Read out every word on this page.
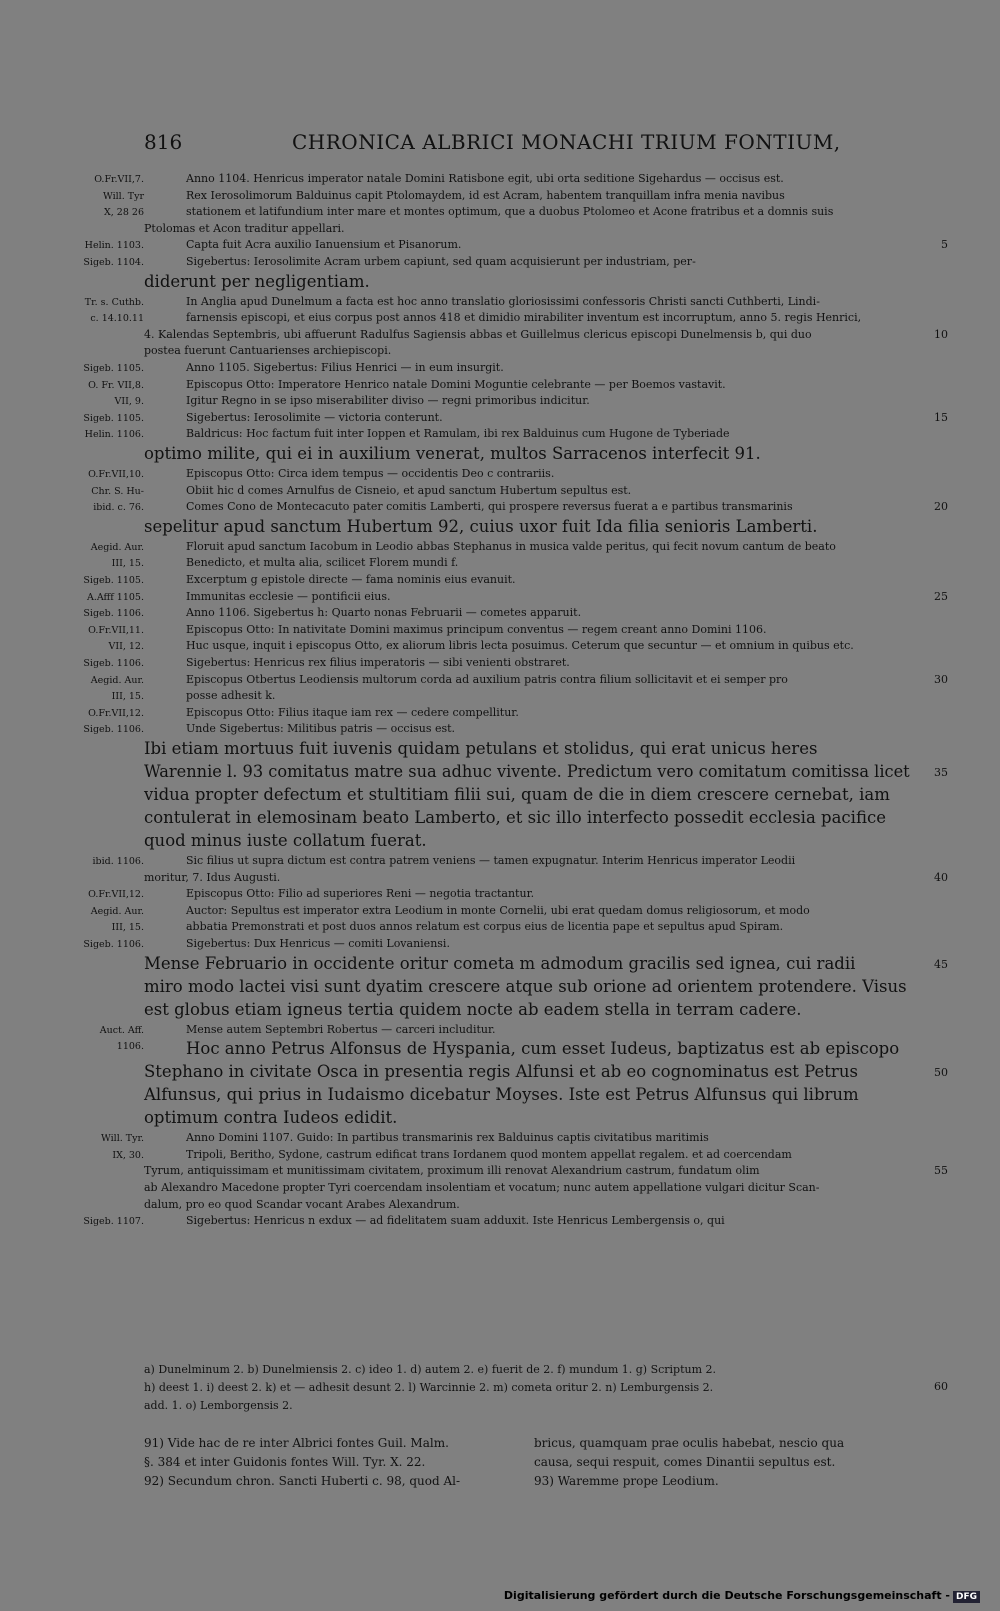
816	CHRONICA ALBRICI MONACHI TRIUM FONTIUM,
O.Fr.VII,7.	Anno 1104. Henricus imperator natale Domini Ratisbone egit, ubi orta seditione Sigehardus — occisus est.
Will. Tyr	Rex Ierosolimorum Balduinus capit Ptolomaydem, id est Acram, habentem tranquillam infra menia navibus
X, 28 26	stationem et latifundium inter mare et montes optimum, que a duobus Ptolomeo et Acone fratribus et a domnis suis
Ptolomas et Acon traditur appellari.
Helin. 1103.	Capta fuit Acra auxilio Ianuensium et Pisanorum.	5
Sigeb. 1104.	Sigebertus: Ierosolimite Acram urbem capiunt, sed quam acquisierunt per industriam, per-
diderunt per negligentiam.
Tr. s. Cuthb.	In Anglia apud Dunelmum a facta est hoc anno translatio gloriosissimi confessoris Christi sancti Cuthberti, Lindi-
c. 14.10.11	farnensis episcopi, et eius corpus post annos 418 et dimidio mirabiliter inventum est incorruptum, anno 5. regis Henrici,
4. Kalendas Septembris, ubi affuerunt Radulfus Sagiensis abbas et Guillelmus clericus episcopi Dunelmensis b, qui duo	10
postea fuerunt Cantuarienses archiepiscopi.
Sigeb. 1105.	Anno 1105. Sigebertus: Filius Henrici — in eum insurgit.
O. Fr. VII,8.	Episcopus Otto: Imperatore Henrico natale Domini Moguntie celebrante — per Boemos vastavit.
VII, 9.	Igitur Regno in se ipso miserabiliter diviso — regni primoribus indicitur.
Sigeb. 1105.	Sigebertus: Ierosolimite — victoria conterunt.	15
Helin. 1106.	Baldricus: Hoc factum fuit inter Ioppen et Ramulam, ibi rex Balduinus cum Hugone de Tyberiade
optimo milite, qui ei in auxilium venerat, multos Sarracenos interfecit 91.
O.Fr.VII,10.	Episcopus Otto: Circa idem tempus — occidentis Deo c contrariis.
Chr. S. Hu-	Obiit hic d comes Arnulfus de Cisneio, et apud sanctum Hubertum sepultus est.
ibid. c. 76.	Comes Cono de Montecacuto pater comitis Lamberti, qui prospere reversus fuerat a e partibus transmarinis	20
sepelitur apud sanctum Hubertum 92, cuius uxor fuit Ida filia senioris Lamberti.
Aegid. Aur.	Floruit apud sanctum Iacobum in Leodio abbas Stephanus in musica valde peritus, qui fecit novum cantum de beato
III, 15.	Benedicto, et multa alia, scilicet Florem mundi f.
Sigeb. 1105.	Excerptum g epistole directe — fama nominis eius evanuit.
A.Afff 1105.	Immunitas ecclesie — pontificii eius.	25
Sigeb. 1106.	Anno 1106. Sigebertus h: Quarto nonas Februarii — cometes apparuit.
O.Fr.VII,11.	Episcopus Otto: In nativitate Domini maximus principum conventus — regem creant anno Domini 1106.
VII, 12.	Huc usque, inquit i episcopus Otto, ex aliorum libris lecta posuimus. Ceterum que secuntur — et omnium in quibus etc.
Sigeb. 1106.	Sigebertus: Henricus rex filius imperatoris — sibi venienti obstraret.
Aegid. Aur.	Episcopus Otbertus Leodiensis multorum corda ad auxilium patris contra filium sollicitavit et ei semper pro	30
III, 15.	posse adhesit k.
O.Fr.VII,12.	Episcopus Otto: Filius itaque iam rex — cedere compellitur.
Sigeb. 1106.	Unde Sigebertus: Militibus patris — occisus est.
Ibi etiam mortuus fuit iuvenis quidam petulans et stolidus, qui erat unicus heres
Warennie l. 93 comitatus matre sua adhuc vivente. Predictum vero comitatum comitissa licet	35
vidua propter defectum et stultitiam filii sui, quam de die in diem crescere cernebat, iam
contulerat in elemosinam beato Lamberto, et sic illo interfecto possedit ecclesia pacifice
quod minus iuste collatum fuerat.
ibid. 1106.	Sic filius ut supra dictum est contra patrem veniens — tamen expugnatur. Interim Henricus imperator Leodii
moritur, 7. Idus Augusti.	40
O.Fr.VII,12.	Episcopus Otto: Filio ad superiores Reni — negotia tractantur.
Aegid. Aur.	Auctor: Sepultus est imperator extra Leodium in monte Cornelii, ubi erat quedam domus religiosorum, et modo
III, 15.	abbatia Premonstrati et post duos annos relatum est corpus eius de licentia pape et sepultus apud Spiram.
Sigeb. 1106.	Sigebertus: Dux Henricus — comiti Lovaniensi.
Mense Februario in occidente oritur cometa m admodum gracilis sed ignea, cui radii	45
miro modo lactei visi sunt dyatim crescere atque sub orione ad orientem protendere. Visus
est globus etiam igneus tertia quidem nocte ab eadem stella in terram cadere.
Auct. Aff.	Mense autem Septembri Robertus — carceri includitur.
1106.	Hoc anno Petrus Alfonsus de Hyspania, cum esset Iudeus, baptizatus est ab episcopo
Stephano in civitate Osca in presentia regis Alfunsi et ab eo cognominatus est Petrus	50
Alfunsus, qui prius in Iudaismo dicebatur Moyses. Iste est Petrus Alfunsus qui librum
optimum contra Iudeos edidit.
Will. Tyr.	Anno Domini 1107. Guido: In partibus transmarinis rex Balduinus captis civitatibus maritimis
IX, 30.	Tripoli, Beritho, Sydone, castrum edificat trans Iordanem quod montem appellat regalem. et ad coercendam
Tyrum, antiquissimam et munitissimam civitatem, proximum illi renovat Alexandrium castrum, fundatum olim	55
ab Alexandro Macedone propter Tyri coercendam insolentiam et vocatum; nunc autem appellatione vulgari dicitur Scan-
dalum, pro eo quod Scandar vocant Arabes Alexandrum.
Sigeb. 1107.	Sigebertus: Henricus n exdux — ad fidelitatem suam adduxit. Iste Henricus Lembergensis o, qui
a) Dunelminum 2. b) Dunelmiensis 2. c) ideo 1. d) autem 2. e) fuerit de 2. f) mundum 1. g) Scriptum 2.
h) deest 1. i) deest 2. k) et — adhesit desunt 2. l) Warcinnie 2. m) cometa oritur 2. n) Lemburgensis 2.	60
add. 1. o) Lemborgensis 2.
91) Vide hac de re inter Albrici fontes Guil. Malm.	bricus, quamquam prae oculis habebat, nescio qua
§. 384 et inter Guidonis fontes Will. Tyr. X. 22.	causa, sequi respuit, comes Dinantii sepultus est.
92) Secundum chron. Sancti Huberti c. 98, quod Al-	93) Waremme prope Leodium.
Digitalisierung gefördert durch die Deutsche Forschungsgemeinschaft - DFG
